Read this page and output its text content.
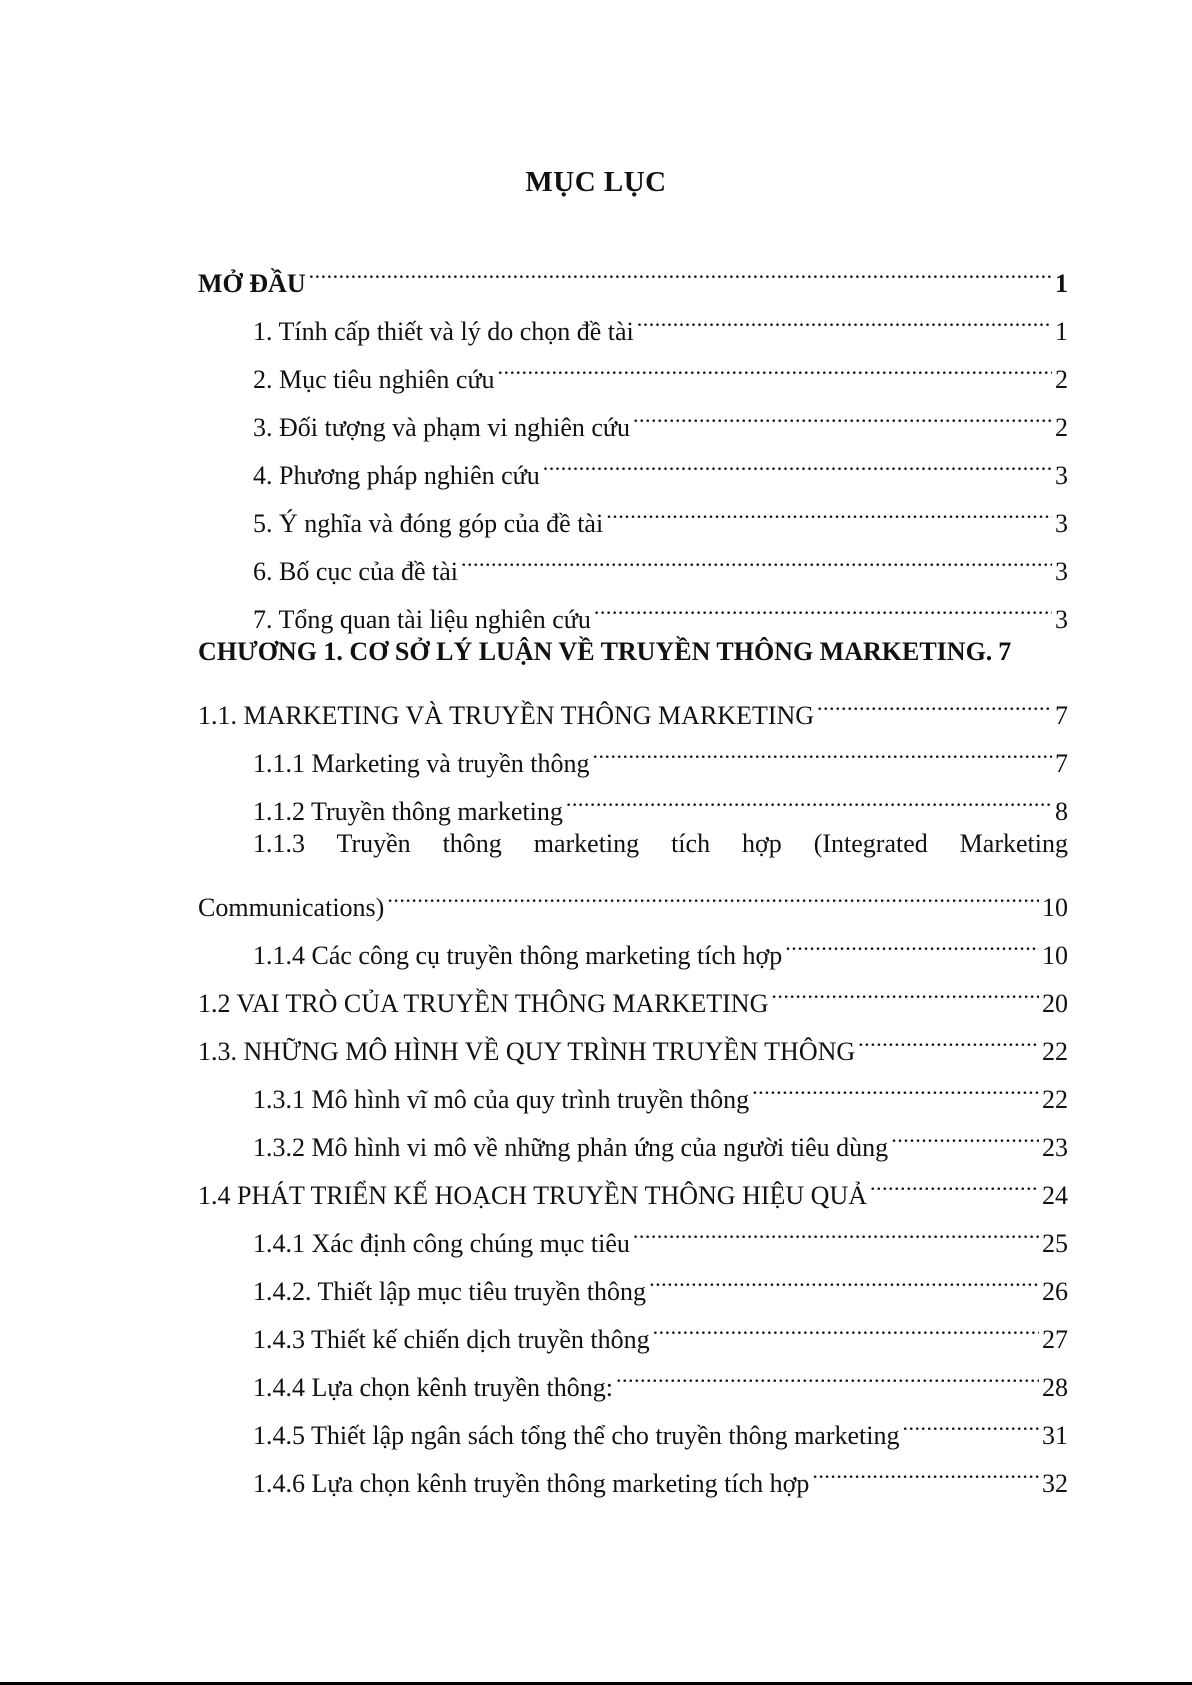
MỤC LỤC
MỞ ĐẦU .....	1
1. Tính cấp thiết và lý do chọn đề tài .....	1
2. Mục tiêu nghiên cứu .....	2
3. Đối tượng và phạm vi nghiên cứu .....	2
4. Phương pháp nghiên cứu .....	3
5. Ý nghĩa và đóng góp của đề tài .....	3
6. Bố cục của đề tài .....	3
7. Tổng quan tài liệu nghiên cứu .....	3
CHƯƠNG 1. CƠ SỞ LÝ LUẬN VỀ TRUYỀN THÔNG MARKETING . 7
1.1. MARKETING VÀ TRUYỀN THÔNG MARKETING .....	7
1.1.1 Marketing và truyền thông .....	7
1.1.2 Truyền thông marketing .....	8
1.1.3 Truyền thông marketing tích hợp (Integrated Marketing
Communications) .....	10
1.1.4 Các công cụ truyền thông marketing tích hợp .....	10
1.2 VAI TRÒ CỦA TRUYỀN THÔNG MARKETING .....	20
1.3. NHỮNG MÔ HÌNH VỀ QUY TRÌNH TRUYỀN THÔNG .....	22
1.3.1 Mô hình vĩ mô của quy trình truyền thông .....	22
1.3.2 Mô hình vi mô về những phản ứng của người tiêu dùng .....	23
1.4 PHÁT TRIỂN KẾ HOẠCH TRUYỀN THÔNG HIỆU QUẢ .....	24
1.4.1 Xác định công chúng mục tiêu .....	25
1.4.2. Thiết lập mục tiêu truyền thông .....	26
1.4.3 Thiết kế chiến dịch truyền thông .....	27
1.4.4 Lựa chọn kênh truyền thông: .....	28
1.4.5 Thiết lập ngân sách tổng thể cho truyền thông marketing .....	31
1.4.6 Lựa chọn kênh truyền thông marketing tích hợp .....	32
